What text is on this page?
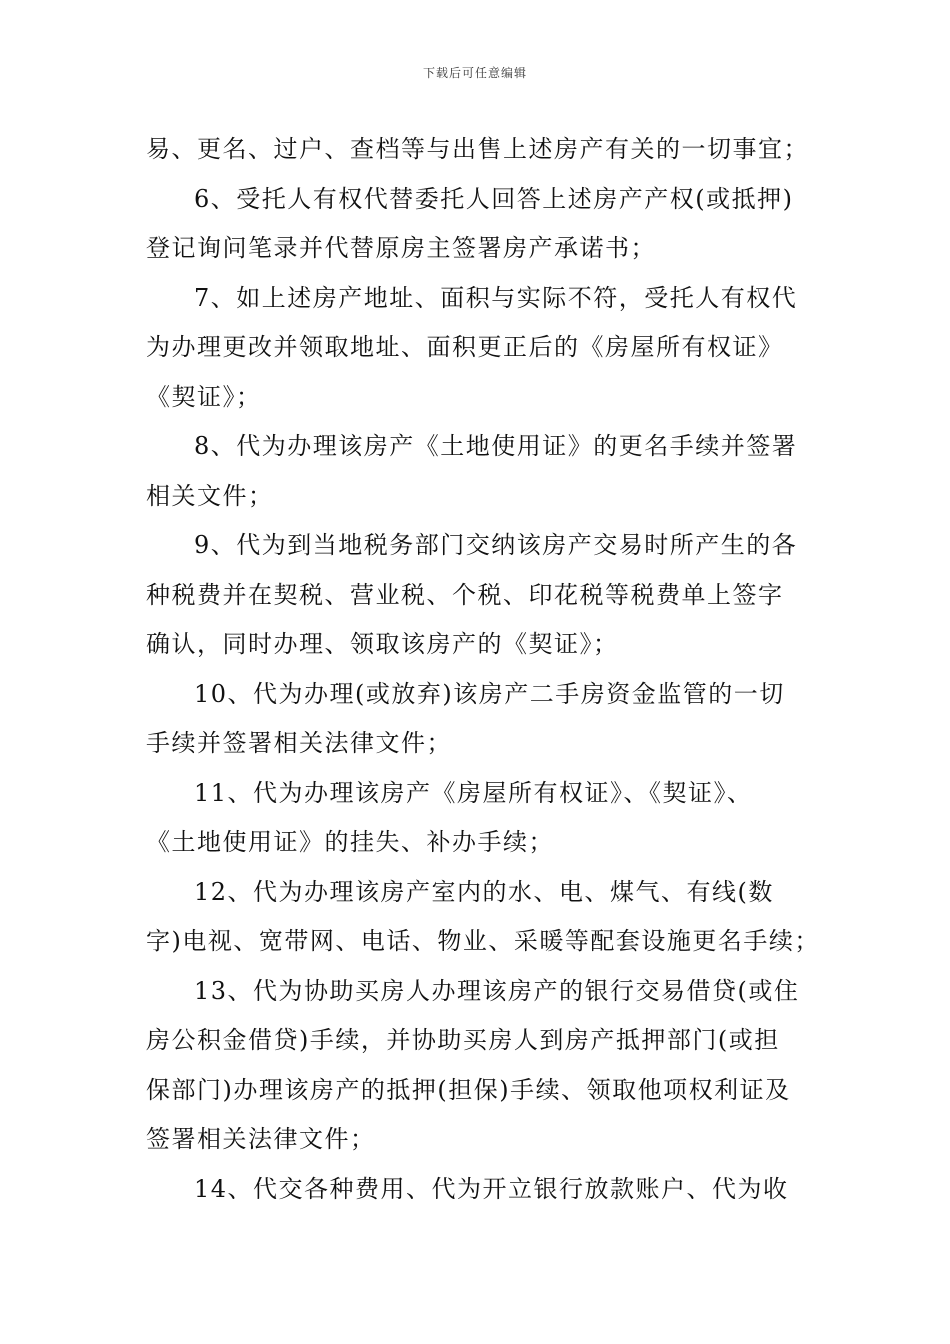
下载后可任意编辑
易、更名、过户、查档等与出售上述房产有关的一切事宜；
6、受托人有权代替委托人回答上述房产产权(或抵押)
登记询问笔录并代替原房主签署房产承诺书；
7、如上述房产地址、面积与实际不符，受托人有权代
为办理更改并领取地址、面积更正后的《房屋所有权证》
《契证》；
8、代为办理该房产《土地使用证》的更名手续并签署
相关文件；
9、代为到当地税务部门交纳该房产交易时所产生的各
种税费并在契税、营业税、个税、印花税等税费单上签字
确认，同时办理、领取该房产的《契证》；
10、代为办理(或放弃)该房产二手房资金监管的一切
手续并签署相关法律文件；
11、代为办理该房产《房屋所有权证》、《契证》、
《土地使用证》的挂失、补办手续；
12、代为办理该房产室内的水、电、煤气、有线(数
字)电视、宽带网、电话、物业、采暖等配套设施更名手续；
13、代为协助买房人办理该房产的银行交易借贷(或住
房公积金借贷)手续，并协助买房人到房产抵押部门(或担
保部门)办理该房产的抵押(担保)手续、领取他项权利证及
签署相关法律文件；
14、代交各种费用、代为开立银行放款账户、代为收
